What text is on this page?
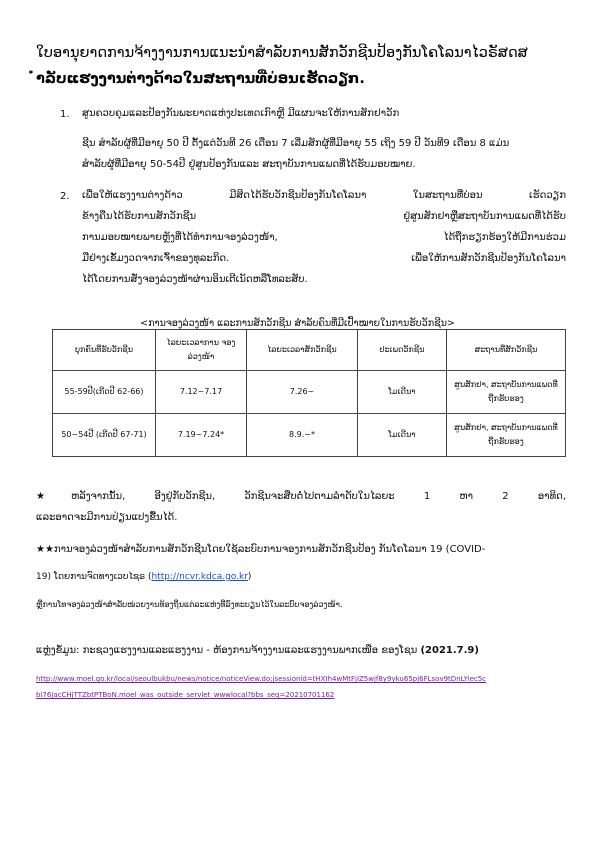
ໃບອານຸຍາດການຈ້າງງານການແນະນຳສຳລັບການສັກວັກຊີນປ້ອງກັນໂຄໂລນາໄວຣັສດສ
ຳລັບແຮງງານຕ່າງດ້າວໃນສະຖານທີ່ບ່ອນເຮັດວຽກ.
1. ສູນຄວບຄຸມແລະປ້ອງກັນພະຍາດແຫ່ງປະເທດເກົາຫຼີ ມີແຜນຈະໃຫ້ການສັກຢາວັກ
ຊີນ ສຳລັບຜູ້ທີ່ມີອາຍຸ 50 ປີ ຕັ້ງແຕ່ວັນທີ 26 ເດືອນ 7 ເລີ່ມສັກຜູ້ທີ່ມີອາຍຸ 55 ເຖິງ 59 ປີ ວັນທີ9 ເດືອນ 8 ແມ່ນ
ສຳລັບຜູ້ທີ່ມີອາຍຸ 50-54ປີ ຢູ່ສູນປ້ອງກັນແລະ ສະຖາບັນການແພດທີ່ໄດ້ຮັບມອບໝາຍ.
2. ເພື່ອໃຫ້ແຮງງານຕ່າງດ້າວ ມີສິດໄດ້ຮັບວັກຊີນປ້ອງກັນໂຄໂລນາ ໃນສະຖານທີ່ບ່ອນ ເຮັດວຽກ
ຂ້າງຄືນໄດ້ຮັບການສັກວັກຊີນ ຢູ່ສູນສັກຢາຫຼືສະຖາບັນການແພດທີ່ໄດ້ຮັບ
ການມອບໝາຍພາຍຫຼັງທີ່ໄດ້ທຳການຈອງລ່ວງໜ້າ, ໄດ້ຖືກຮຽກຮ້ອງໃຫ້ມີການຮ່ວມ
ມືຢ່າງເຂັ້ມງວດຈາກເຈົ້າຂອງທຸລະກິດ. ເພື່ອໃຫ້ການສັກວັກຊີນປ້ອງກັນໂຄໂລນາ
ໄດ້ໂດຍການສັ່ງຈອງລ່ວງໜ້າຜ່ານອິນເຕີເນັດຫລືໂທລະສັບ.
<ການຈອງລ່ວງໜ້າ ແລະການສັກວັກຊີນ ສຳລັບຄົນທີ່ມີເປົ້າໝາຍໃນການຮັບວັກຊີນ>
ບຸກຄົນທີ່ຮັບວັກຊີນ	ໄລຍະເວລາການ ຈອງລ່ວງໜ້າ	ໄລຍະເວລາສັກວັກຊີນ	ປະເພດວັກຊີນ	ສະຖານທີ່ສັກວັກຊີນ
55-59ປີ(ເກີດປີ 62-66)	7.12~7.17	7.26~	ໂມເດີນາ	ສູນສັກຢາ, ສະຖາບັນການແພດທີ່ຖືກຮັບຮອງ
50~54ປີ (ເກີດປີ 67-71)	7.19~7.24*	8.9.~*	ໂມເດີນາ	ສູນສັກຢາ, ສະຖາບັນການແພດທີ່ຖືກຮັບຮອງ
★ຫລັງຈາກນັ້ນ, ອີງຢູ່ກັບວັກຊີນ, ວັກຊີນຈະສືບຕໍ່ໄປຕາມລຳດັບໃນໄລຍະ 1 ຫາ 2 ອາທິດ,
ແລະອາດຈະມີການປ່ຽນແປງຂື້ນໄດ້.
★★ການຈອງລ່ວງໜ້າສຳລັບການສັກວັກຊີນໂດຍໃຊ້ລະບົບການຈອງການສັກວັກຊີນປ້ອງ ກັນໂຄໂລນາ 19 (COVID-
19) ໂດຍການຈົດທາງເວບໄຊຣ (http://ncvr.kdca.go.kr)
ຫຼືການໂທຈອງລ່ວງໜ້າສຳລັບໜ່ວຍງານທ້ອງຖິ່ນແຕ່ລະແຫ່ງທີ່ລົງທະບຽນໄວ້ໃນລະບົບຈອງລ່ວງໜ້າ.
ແຫຼ່ງຂໍ້ມູນ: ກະຊວງແຮງງານແລະແຮງງານ - ຫ້ອງການຈ້າງງານແລະແຮງງານພາກເໜືອ ຂອງໂຊນ (2021.7.9)
http://www.moel.go.kr/local/seoulbukbu/news/notice/noticeView.do;jsessionid=tHXIh4wMtFjIZ5wjf8y9yku65pj6FLsov9tDnLYiec5c
bi76JacCHjTTZbtPTBoN.moel_was_outside_servlet_wwwlocal?bbs_seq=20210701162
